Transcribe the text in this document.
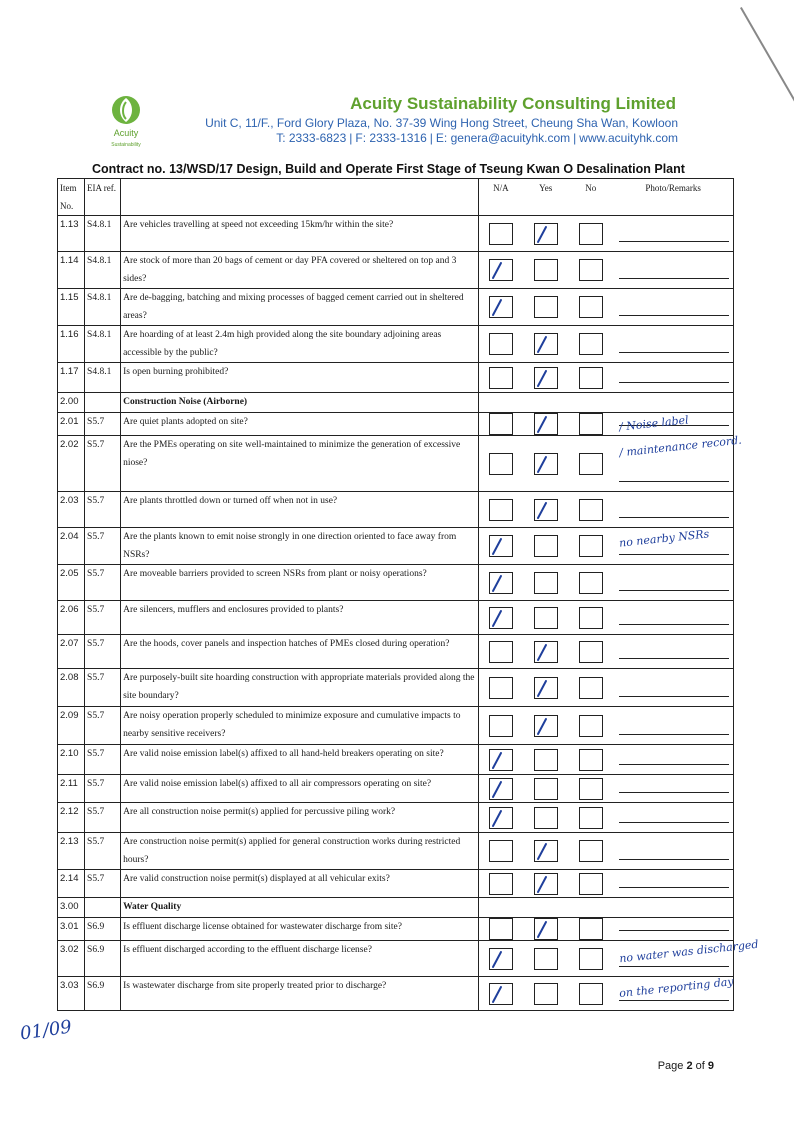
Acuity
Sustainability
Acuity Sustainability Consulting Limited
Unit C, 11/F., Ford Glory Plaza, No. 37-39 Wing Hong Street, Cheung Sha Wan, Kowloon
T: 2333-6823 | F: 2333-1316 | E: genera@acuityhk.com | www.acuityhk.com
Contract no. 13/WSD/17 Design, Build and Operate First Stage of Tseung Kwan O Desalination Plant
Item No.	EIA ref.		N/A	Yes	No	Photo/Remarks
1.13	S4.8.1	Are vehicles travelling at speed not exceeding 15km/hr within the site?		

1.14	S4.8.1	Are stock of more than 20 bags of cement or day PFA covered or sheltered on top and 3 sides?	

1.15	S4.8.1	Are de-bagging, batching and mixing processes of bagged cement carried out in sheltered areas?	

1.16	S4.8.1	Are hoarding of at least 2.4m high provided along the site boundary adjoining areas accessible by the public?		

1.17	S4.8.1	Is open burning prohibited?		

2.00		Construction Noise (Airborne)				
2.01	S5.7	Are quiet plants adopted on site?				/ Noise label

2.02	S5.7	Are the PMEs operating on site well-maintained to minimize the generation of excessive niose?				/ maintenance record.

2.03	S5.7	Are plants throttled down or turned off when not in use?		

2.04	S5.7	Are the plants known to emit noise strongly in one direction oriented to face away from NSRs?				no nearby NSRs

2.05	S5.7	Are moveable barriers provided to screen NSRs from plant or noisy operations?	

2.06	S5.7	Are silencers, mufflers and enclosures provided to plants?	

2.07	S5.7	Are the hoods, cover panels and inspection hatches of PMEs closed during operation?		

2.08	S5.7	Are purposely-built site hoarding construction with appropriate materials provided along the site boundary?		

2.09	S5.7	Are noisy operation properly scheduled to minimize exposure and cumulative impacts to nearby sensitive receivers?		

2.10	S5.7	Are valid noise emission label(s) affixed to all hand-held breakers operating on site?	

2.11	S5.7	Are valid noise emission label(s) affixed to all air compressors operating on site?	

2.12	S5.7	Are all construction noise permit(s) applied for percussive piling work?	

2.13	S5.7	Are construction noise permit(s) applied for general construction works during restricted hours?		

2.14	S5.7	Are valid construction noise permit(s) displayed at all vehicular exits?		

3.00		Water Quality				
3.01	S6.9	Is effluent discharge license obtained for wastewater discharge from site?		

3.02	S6.9	Is effluent discharged according to the effluent discharge license?				no water was discharged

3.03	S6.9	Is wastewater discharge from site properly treated prior to discharge?				on the reporting day
01/09
Page 2 of 9
